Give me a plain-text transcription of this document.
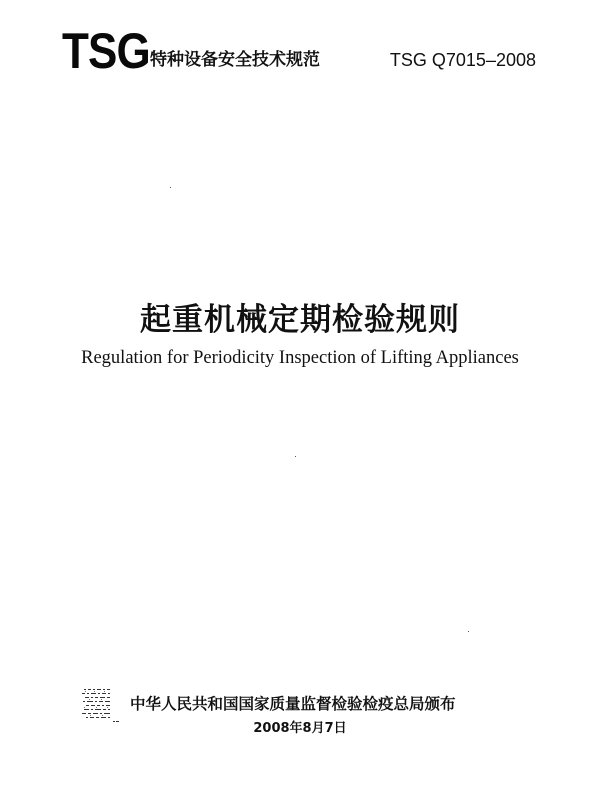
TSG 特种设备安全技术规范	TSG Q7015–2008
起重机械定期检验规则
Regulation for Periodicity Inspection of Lifting Appliances
中华人民共和国国家质量监督检验检疫总局颁布
2008年8月7日
